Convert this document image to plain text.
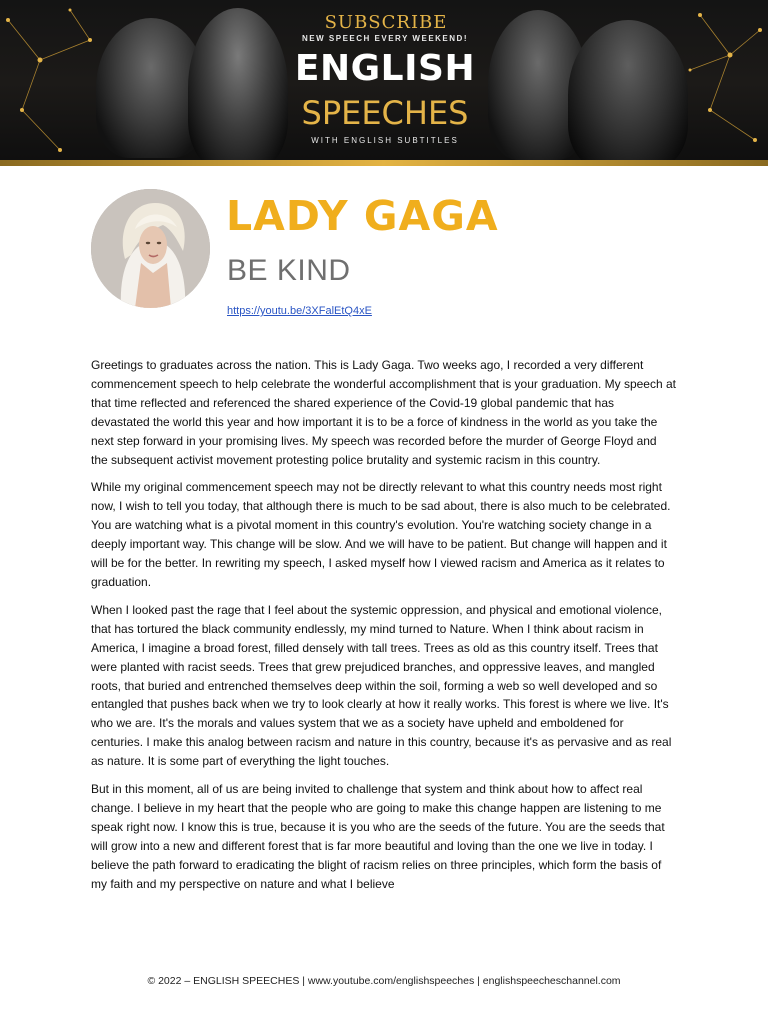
SUBSCRIBE
NEW SPEECH EVERY WEEKEND!
ENGLISH
SPEECHES
WITH ENGLISH SUBTITLES
LADY GAGA
BE KIND
https://youtu.be/3XFalEtQ4xE

Greetings to graduates across the nation. This is Lady Gaga. Two weeks ago, I recorded a very different commencement speech to help celebrate the wonderful accomplishment that is your graduation. My speech at that time reflected and referenced the shared experience of the Covid-19 global pandemic that has devastated the world this year and how important it is to be a force of kindness in the world as you take the next step forward in your promising lives. My speech was recorded before the murder of George Floyd and the subsequent activist movement protesting police brutality and systemic racism in this country.

While my original commencement speech may not be directly relevant to what this country needs most right now, I wish to tell you today, that although there is much to be sad about, there is also much to be celebrated. You are watching what is a pivotal moment in this country's evolution. You're watching society change in a deeply important way. This change will be slow. And we will have to be patient. But change will happen and it will be for the better. In rewriting my speech, I asked myself how I viewed racism and America as it relates to graduation.

When I looked past the rage that I feel about the systemic oppression, and physical and emotional violence, that has tortured the black community endlessly, my mind turned to Nature. When I think about racism in America, I imagine a broad forest, filled densely with tall trees. Trees as old as this country itself. Trees that were planted with racist seeds. Trees that grew prejudiced branches, and oppressive leaves, and mangled roots, that buried and entrenched themselves deep within the soil, forming a web so well developed and so entangled that pushes back when we try to look clearly at how it really works. This forest is where we live. It's who we are. It's the morals and values system that we as a society have upheld and emboldened for centuries. I make this analog between racism and nature in this country, because it's as pervasive and as real as nature. It is some part of everything the light touches.

But in this moment, all of us are being invited to challenge that system and think about how to affect real change. I believe in my heart that the people who are going to make this change happen are listening to me speak right now. I know this is true, because it is you who are the seeds of the future. You are the seeds that will grow into a new and different forest that is far more beautiful and loving than the one we live in today. I believe the path forward to eradicating the blight of racism relies on three principles, which form the basis of my faith and my perspective on nature and what I believe

© 2022 – ENGLISH SPEECHES | www.youtube.com/englishspeeches | englishspeecheschannel.com
